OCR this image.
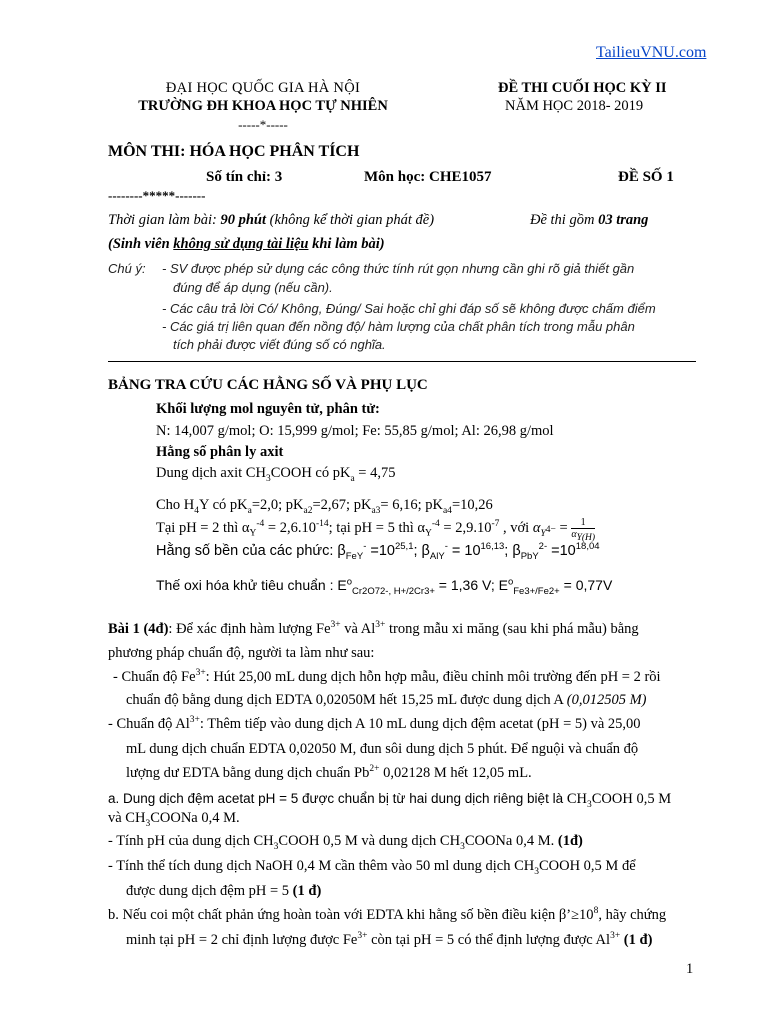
TailieuVNU.com
ĐẠI HỌC QUỐC GIA HÀ NỘI
TRƯỜNG ĐH KHOA HỌC TỰ NHIÊN
-----*-----
ĐỀ THI CUỐI HỌC KỲ II
NĂM HỌC 2018- 2019
MÔN THI: HÓA HỌC PHÂN TÍCH
Số tín chỉ: 3	Môn học: CHE1057	ĐỀ SỐ 1
--------*****-------
Thời gian làm bài: 90 phút (không kể thời gian phát đề)	Đề thi gồm 03 trang
(Sinh viên không sử dụng tài liệu khi làm bài)
Chú ý: - SV được phép sử dụng các công thức tính rút gọn nhưng cần ghi rõ giả thiết gần
đúng để áp dụng (nếu cần).
- Các câu trả lời Có/ Không, Đúng/ Sai hoặc chỉ ghi đáp số sẽ không được chấm điểm
- Các giá trị liên quan đến nồng độ/ hàm lượng của chất phân tích trong mẫu phân
tích phải được viết đúng số có nghĩa.
BẢNG TRA CỨU CÁC HẰNG SỐ VÀ PHỤ LỤC
Khối lượng mol nguyên tử, phân tử:
N: 14,007 g/mol; O: 15,999 g/mol; Fe: 55,85 g/mol; Al: 26,98 g/mol
Hằng số phân ly axit
Dung dịch axit $CH_3COOH$ có $pK_a = 4,75$
Cho $H_4Y$ có $pK_a=2,0$; $pK_{a2}=2,67$; $pK_{a3}= 6,16$; $pK_{a4}=10,26$
Tại pH = 2 thì $\alpha_Y^{-4} = 2,6.10^{-14}$; tại pH = 5 thì $\alpha_Y^{-4} = 2,9.10^{-7}$ , với $\alpha_{Y^{4-}} = \frac{1}{\alpha_{Y(H)}}$
Hằng số bền của các phức: $\beta_{FeY}^- =10^{25,1}$; $\beta_{AlY}^- = 10^{16,13}$; $\beta_{PbY}^{2-} =10^{18,04}$
Thế oxi hóa khử tiêu chuẩn : $E^o_{Cr2O72-, H+/2Cr3+} = 1,36$ V; $E^o_{Fe3+/Fe2+} = 0,77V$
Bài 1 (4đ): Để xác định hàm lượng $Fe^{3+}$ và $Al^{3+}$ trong mẫu xi măng (sau khi phá mẫu) bằng
phương pháp chuẩn độ, người ta làm như sau:
- Chuẩn độ $Fe^{3+}$: Hút 25,00 mL dung dịch hỗn hợp mẫu, điều chỉnh môi trường đến pH = 2 rồi
chuẩn độ bằng dung dịch EDTA 0,02050M hết 15,25 mL được dung dịch A (0,012505 M)
- Chuẩn độ $Al^{3+}$: Thêm tiếp vào dung dịch A 10 mL dung dịch đệm acetat (pH = 5) và 25,00
mL dung dịch chuẩn EDTA 0,02050 M, đun sôi dung dịch 5 phút. Để nguội và chuẩn độ
lượng dư EDTA bằng dung dịch chuẩn $Pb^{2+}$ 0,02128 M hết 12,05 mL.
a. Dung dịch đệm acetat pH = 5 được chuẩn bị từ hai dung dịch riêng biệt là $CH_3COOH$ 0,5 M
và $CH_3COONa$ 0,4 M.
- Tính pH của dung dịch $CH_3COOH$ 0,5 M và dung dịch $CH_3COONa$ 0,4 M. (1đ)
- Tính thể tích dung dịch NaOH 0,4 M cần thêm vào 50 ml dung dịch $CH_3COOH$ 0,5 M để
được dung dịch đệm pH = 5 (1 đ)
b. Nếu coi một chất phản ứng hoàn toàn với EDTA khi hằng số bền điều kiện $\beta’\ge 10^8$, hãy chứng
minh tại pH = 2 chỉ định lượng được $Fe^{3+}$ còn tại pH = 5 có thể định lượng được $Al^{3+}$ (1 đ)
1
